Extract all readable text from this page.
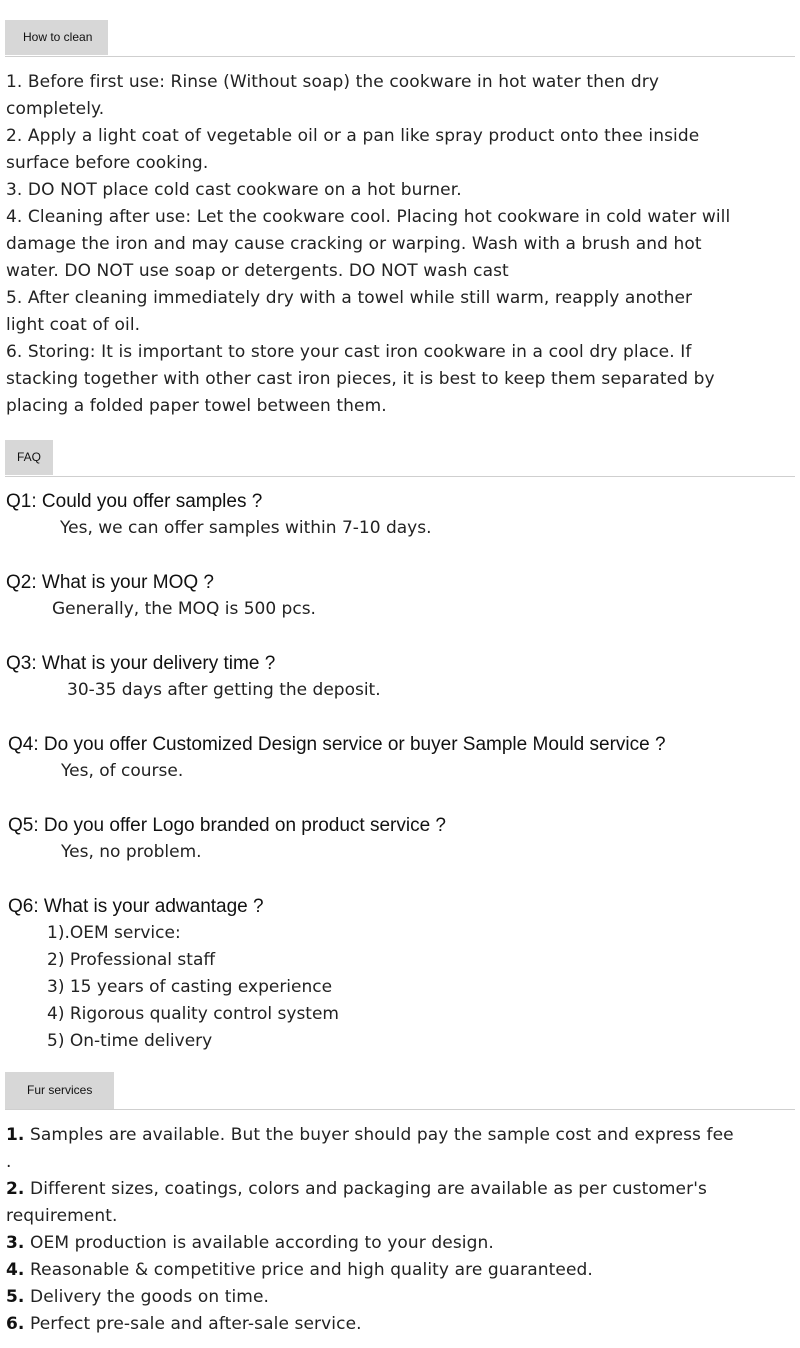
How to clean
1. Before first use: Rinse (Without soap) the cookware in hot water then dry
completely.
2. Apply a light coat of vegetable oil or a pan like spray product onto thee inside
surface before cooking.
3. DO NOT place cold cast cookware on a hot burner.
4. Cleaning after use: Let the cookware cool. Placing hot cookware in cold water will
damage the iron and may cause cracking or warping. Wash with a brush and hot
water. DO NOT use soap or detergents. DO NOT wash cast
5. After cleaning immediately dry with a towel while still warm, reapply another
light coat of oil.
6. Storing: It is important to store your cast iron cookware in a cool dry place. If
stacking together with other cast iron pieces, it is best to keep them separated by
placing a folded paper towel between them.
FAQ
Q1: Could you offer samples ?
Yes, we can offer samples within 7-10 days.
Q2: What is your MOQ ?
Generally, the MOQ is 500 pcs.
Q3: What is your delivery time ?
30-35 days after getting the deposit.
Q4: Do you offer Customized Design service or buyer Sample Mould service ?
Yes, of course.
Q5: Do you offer Logo branded on product service ?
Yes, no problem.
Q6: What is your adwantage ?
1).OEM service:
2) Professional staff
3) 15 years of casting experience
4) Rigorous quality control system
5) On-time delivery
Fur services
1. Samples are available. But the buyer should pay the sample cost and express fee
.
2. Different sizes, coatings, colors and packaging are available as per customer's
requirement.
3. OEM production is available according to your design.
4. Reasonable & competitive price and high quality are guaranteed.
5. Delivery the goods on time.
6. Perfect pre-sale and after-sale service.
